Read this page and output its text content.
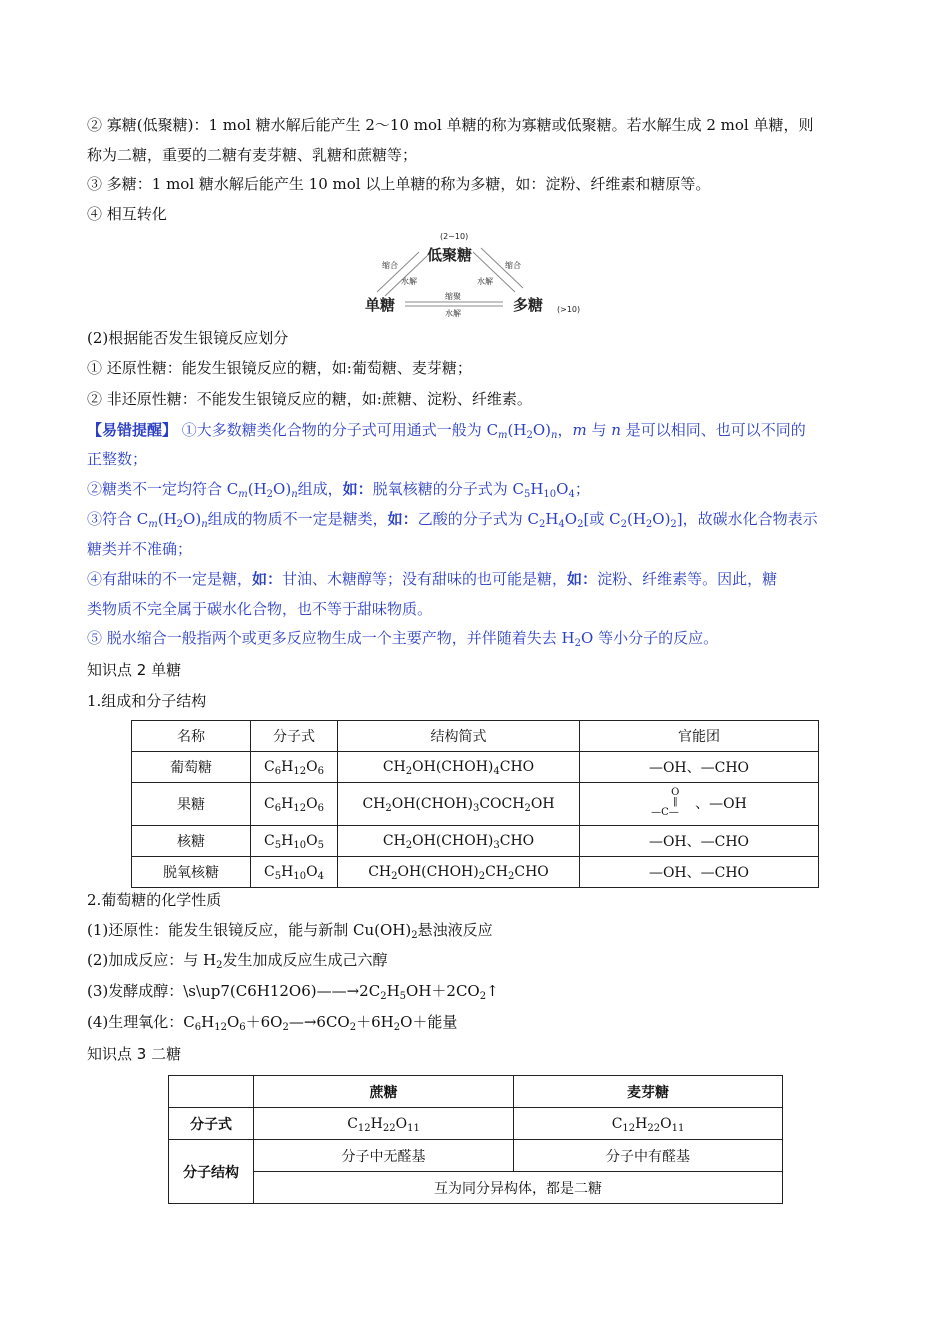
② 寡糖(低聚糖)：1 mol 糖水解后能产生 2～10 mol 单糖的称为寡糖或低聚糖。若水解生成 2 mol 单糖，则
称为二糖，重要的二糖有麦芽糖、乳糖和蔗糖等；
③ 多糖：1 mol 糖水解后能产生 10 mol 以上单糖的称为多糖，如：淀粉、纤维素和糖原等。
④ 相互转化
(2~10)
低聚糖
单糖	多糖 (>10)
缩合
水解
缩合
水解
缩聚
水解
(2)根据能否发生银镜反应划分
① 还原性糖：能发生银镜反应的糖，如:葡萄糖、麦芽糖；
② 非还原性糖：不能发生银镜反应的糖，如:蔗糖、淀粉、纤维素。
【易错提醒】 ①大多数糖类化合物的分子式可用通式一般为 $C_m(H_2O)_n$，m 与 n 是可以相同、也可以不同的
正整数；
②糖类不一定均符合 $C_m(H_2O)_n$组成，如：脱氧核糖的分子式为 $C_5H_{10}O_4$；
③符合 $C_m(H_2O)_n$组成的物质不一定是糖类，如：乙酸的分子式为 $C_2H_4O_2$[或 $C_2(H_2O)_2$]，故碳水化合物表示
糖类并不准确；
④有甜味的不一定是糖，如：甘油、木糖醇等；没有甜味的也可能是糖，如：淀粉、纤维素等。因此，糖
类物质不完全属于碳水化合物，也不等于甜味物质。
⑤ 脱水缩合一般指两个或更多反应物生成一个主要产物，并伴随着失去 $H_2O$ 等小分子的反应。
知识点 2 单糖
1.组成和分子结构
名称	分子式	结构简式	官能团
葡萄糖	$C_6H_{12}O_6$	$CH_2OH(CHOH)_4CHO$	—OH、—CHO
果糖	$C_6H_{12}O_6$	$CH_2OH(CHOH)_3COCH_2OH$	O
‖
—C—
、—OH
核糖	$C_5H_{10}O_5$	$CH_2OH(CHOH)_3CHO$	—OH、—CHO
脱氧核糖	$C_5H_{10}O_4$	$CH_2OH(CHOH)_2CH_2CHO$	—OH、—CHO
2.葡萄糖的化学性质
(1)还原性：能发生银镜反应，能与新制 $Cu(OH)_2$悬浊液反应
(2)加成反应：与 $H_2$发生加成反应生成己六醇
(3)发酵成醇：$\backslash s\backslash up7(C6H12O6)——\to 2C_2H_5OH+2CO_2↑$
(4)生理氧化：$C_6H_{12}O_6+6O_2—\to 6CO_2+6H_2O+$能量
知识点 3 二糖
	蔗糖	麦芽糖
分子式	$C_{12}H_{22}O_{11}$	$C_{12}H_{22}O_{11}$
分子结构	分子中无醛基	分子中有醛基
	互为同分异构体，都是二糖	
